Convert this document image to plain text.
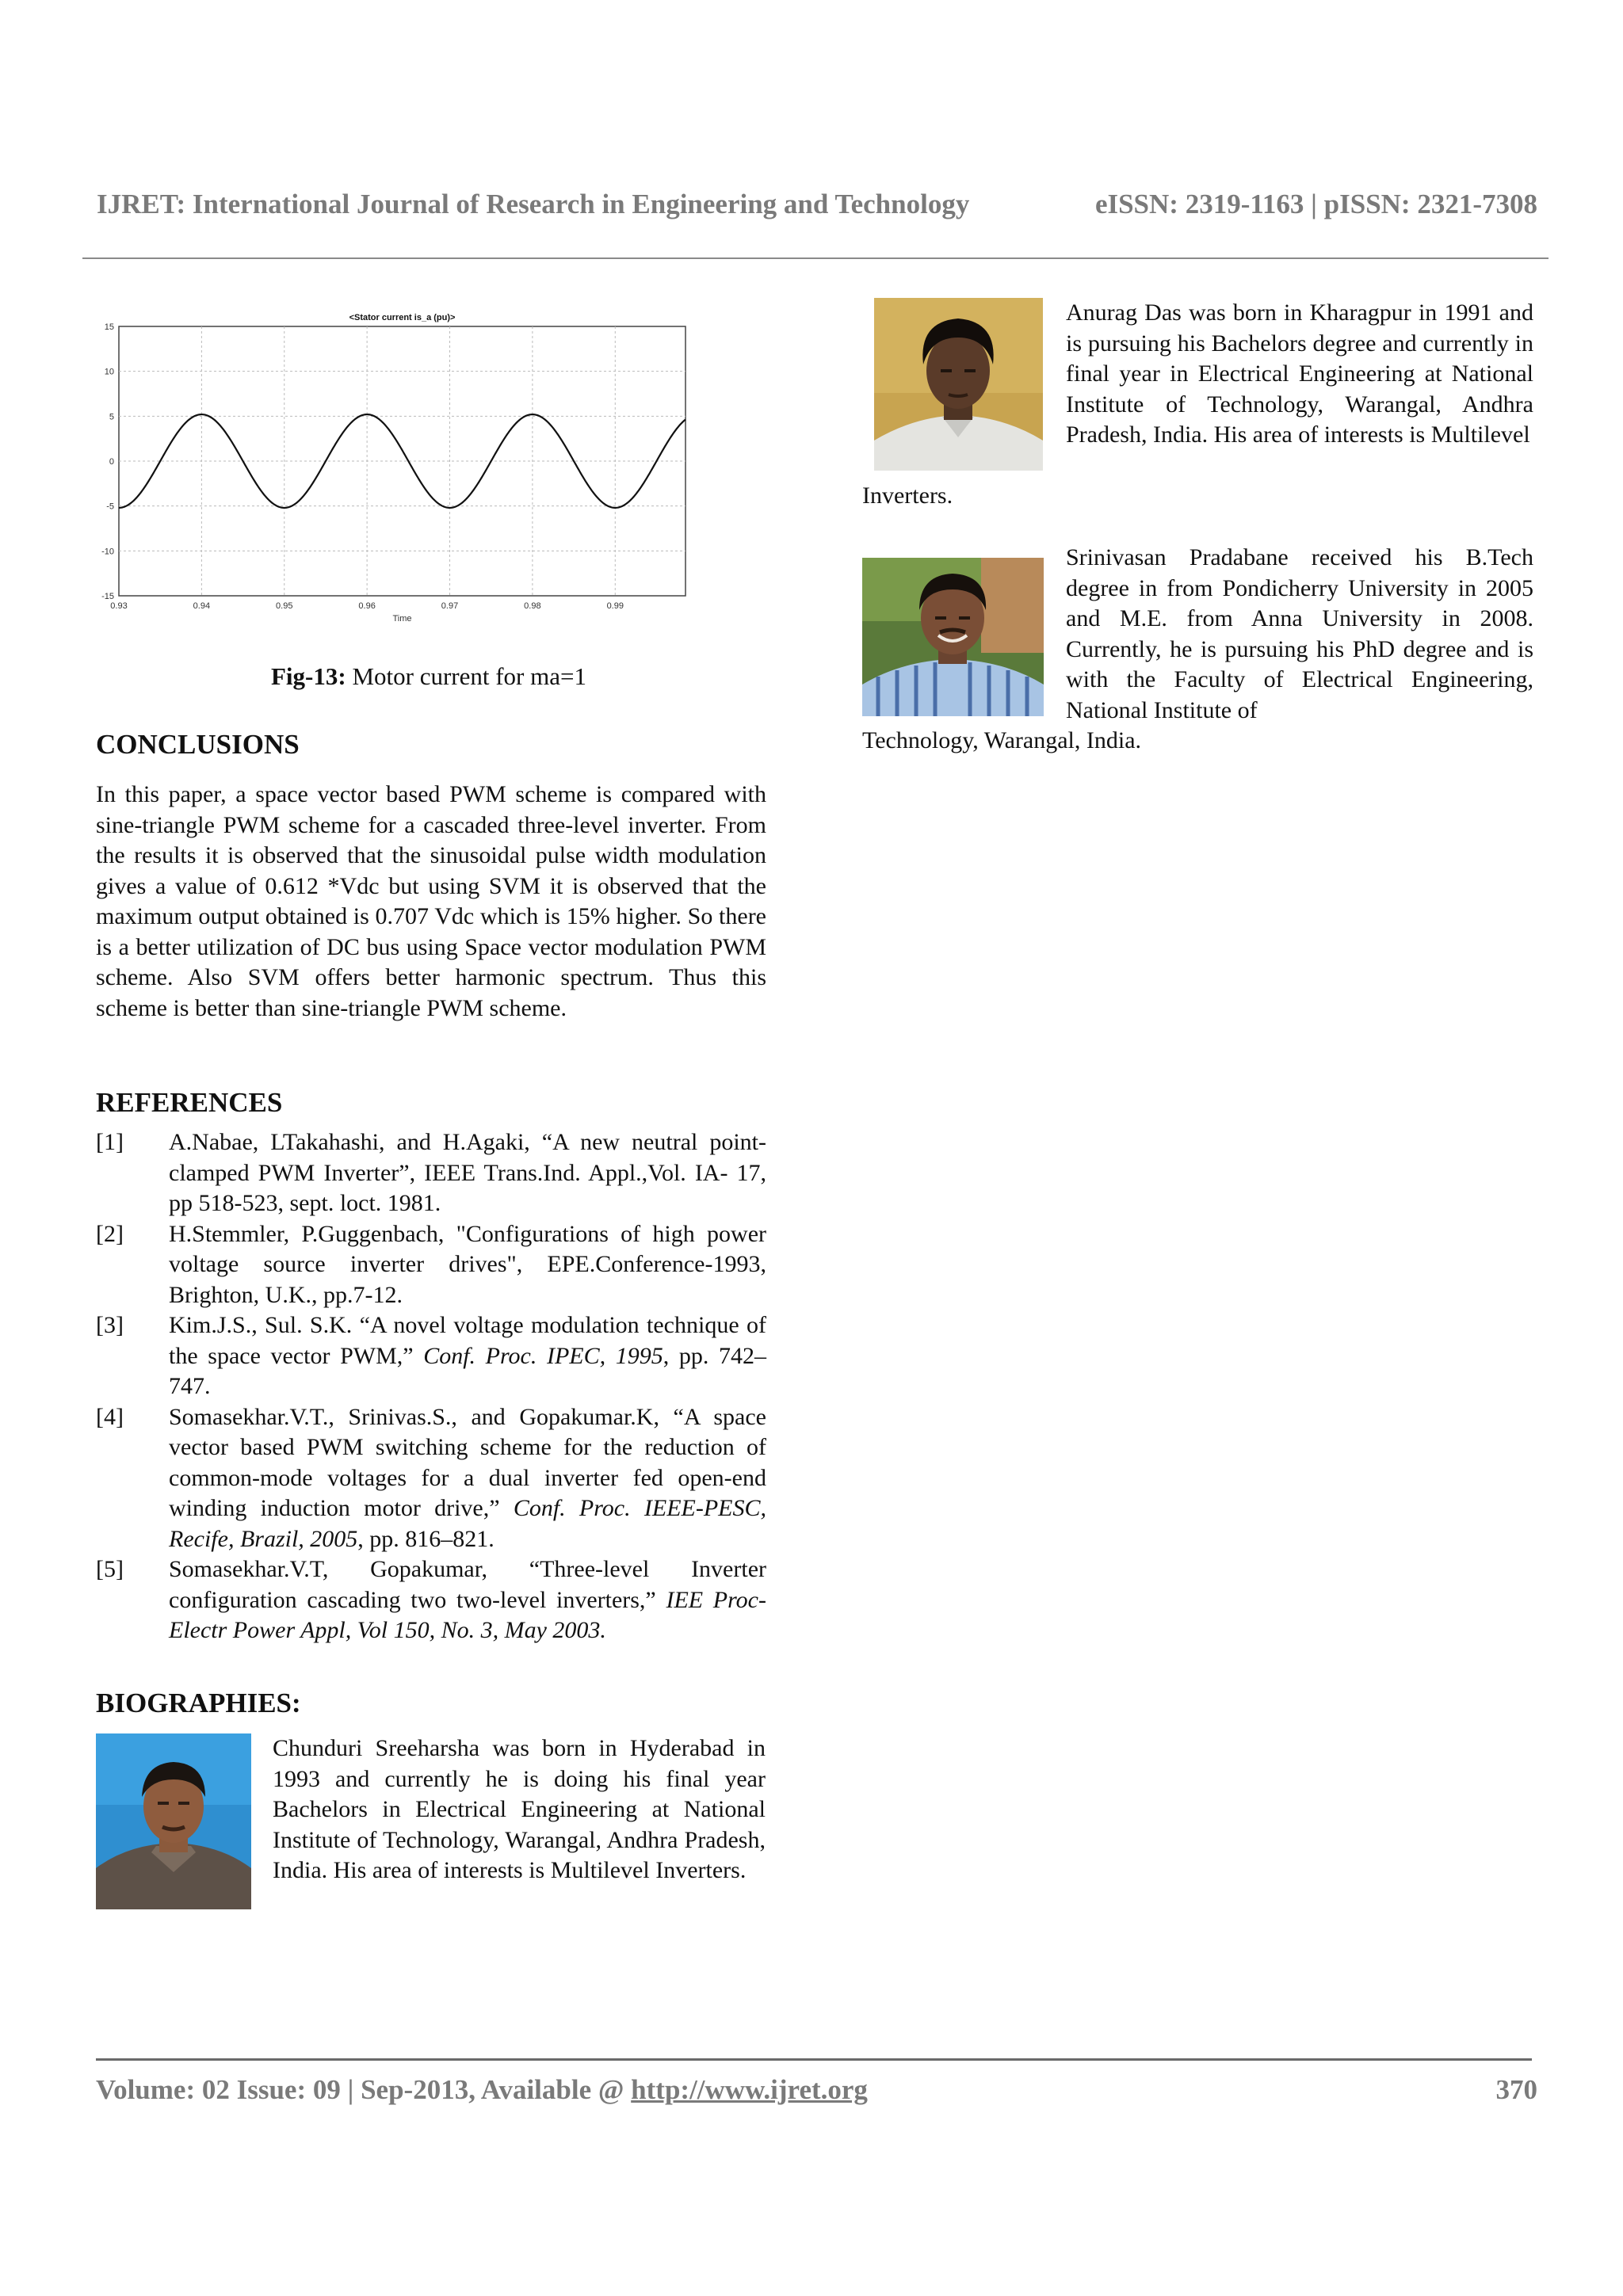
IJRET: International Journal of Research in Engineering and Technology	eISSN: 2319-1163 | pISSN: 2321-7308
0.93	0.94	0.95	0.96	0.97	0.98	0.99
15
10
5
0
-5
-10
-15
<Stator current is_a (pu)>
Time
Fig-13: Motor current for ma=1
CONCLUSIONS
In this paper, a space vector based PWM scheme is compared with sine-triangle PWM scheme for a cascaded three-level inverter. From the results it is observed that the sinusoidal pulse width modulation gives a value of 0.612 *Vdc but using SVM it is observed that the maximum output obtained is 0.707 Vdc which is 15% higher. So there is a better utilization of DC bus using Space vector modulation PWM scheme. Also SVM offers better harmonic spectrum. Thus this scheme is better than sine-triangle PWM scheme.
REFERENCES
[1]	A.Nabae, LTakahashi, and H.Agaki, “A new neutral point-clamped PWM Inverter”, IEEE Trans.Ind. Appl.,Vol. IA- 17, pp 518-523, sept. loct. 1981.
[2]	H.Stemmler, P.Guggenbach, "Configurations of high power voltage source inverter drives", EPE.Conference-1993, Brighton, U.K., pp.7-12.
[3]	Kim.J.S., Sul. S.K. “A novel voltage modulation technique of the space vector PWM,” Conf. Proc. IPEC, 1995, pp. 742–747.
[4]	Somasekhar.V.T., Srinivas.S., and Gopakumar.K, “A space vector based PWM switching scheme for the reduction of common-mode voltages for a dual inverter fed open-end winding induction motor drive,” Conf. Proc. IEEE-PESC, Recife, Brazil, 2005, pp. 816–821.
[5]	Somasekhar.V.T, Gopakumar, “Three-level Inverter configuration cascading two two-level inverters,” IEE Proc-Electr Power Appl, Vol 150, No. 3, May 2003.
BIOGRAPHIES:
Chunduri Sreeharsha was born in Hyderabad in 1993 and currently he is doing his final year Bachelors in Electrical Engineering at National Institute of Technology, Warangal, Andhra Pradesh, India. His area of interests is Multilevel Inverters.
Anurag Das was born in Kharagpur in 1991 and is pursuing his Bachelors degree and currently in final year in Electrical Engineering at National Institute of Technology, Warangal, Andhra Pradesh, India. His area of interests is Multilevel
Inverters.
Srinivasan Pradabane received his B.Tech degree in from Pondicherry University in 2005 and M.E. from Anna University in 2008. Currently, he is pursuing his PhD degree and is with the Faculty of Electrical Engineering, National Institute of
Technology, Warangal, India.
Volume: 02 Issue: 09 | Sep-2013, Available @ http://www.ijret.org	370
